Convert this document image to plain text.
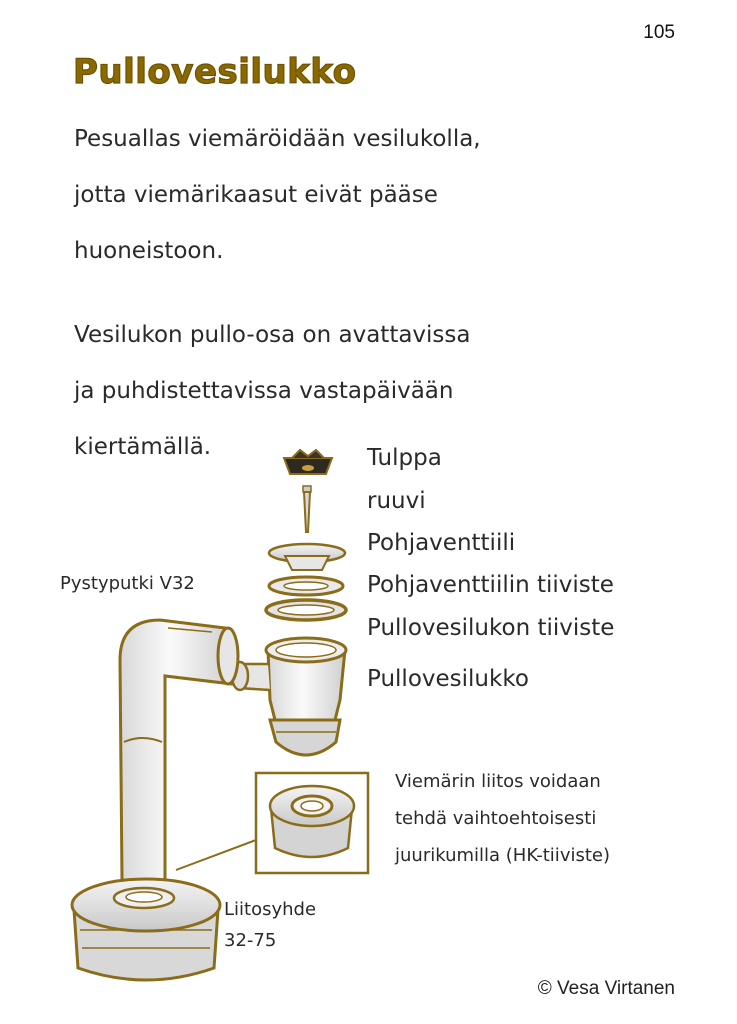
105
Pullovesilukko
Pesuallas viemäröidään vesilukolla,
jotta viemärikaasut eivät pääse
huoneistoon.
Vesilukon pullo-osa on avattavissa
ja puhdistettavissa vastapäivään
kiertämällä.	Tulppa
ruuvi
Pohjaventtiili
Pohjaventtiilin tiiviste
Pullovesilukon tiiviste
Pullovesilukko
Pystyputki V32
Liitosyhde
32-75
Viemärin liitos voidaan
tehdä vaihtoehtoisesti
juurikumilla (HK-tiiviste)
© Vesa Virtanen
